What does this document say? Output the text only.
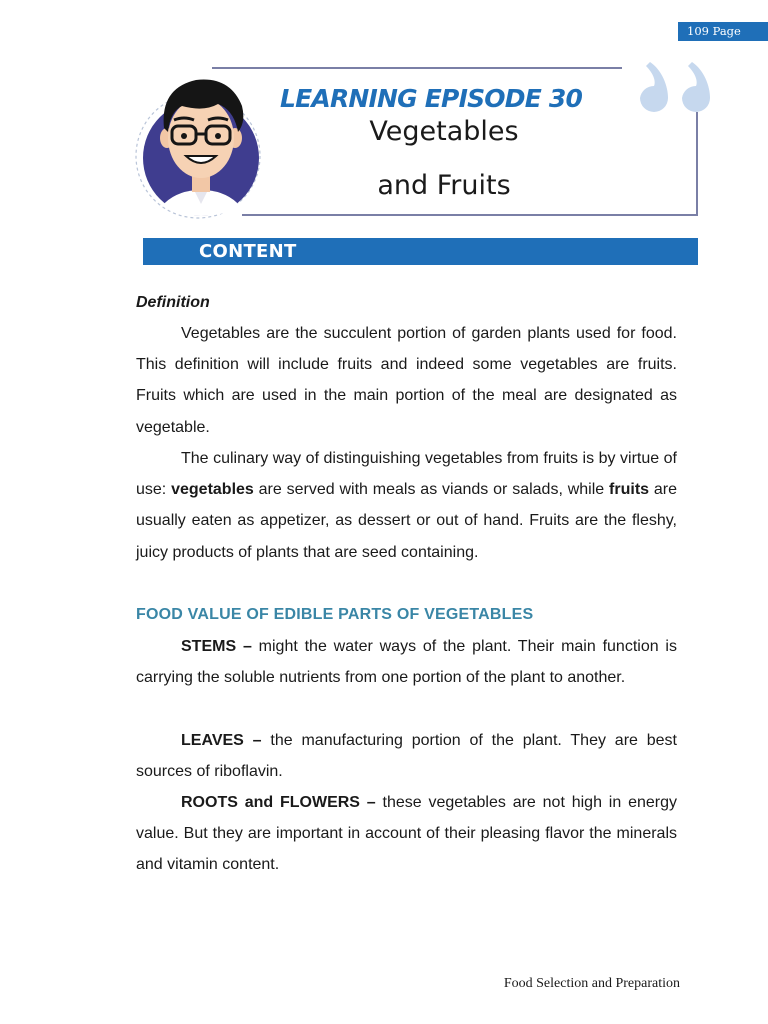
109 Page
LEARNING EPISODE 30
Vegetables
and Fruits
CONTENT
Definition

Vegetables are the succulent portion of garden plants used for food. This definition will include fruits and indeed some vegetables are fruits. Fruits which are used in the main portion of the meal are designated as vegetable.

The culinary way of distinguishing vegetables from fruits is by virtue of use: vegetables are served with meals as viands or salads, while fruits are usually eaten as appetizer, as dessert or out of hand. Fruits are the fleshy, juicy products of plants that are seed containing.

FOOD VALUE OF EDIBLE PARTS OF VEGETABLES

STEMS – might the water ways of the plant. Their main function is carrying the soluble nutrients from one portion of the plant to another.

LEAVES – the manufacturing portion of the plant. They are best sources of riboflavin.

ROOTS and FLOWERS – these vegetables are not high in energy value. But they are important in account of their pleasing flavor the minerals and vitamin content.

Food Selection and Preparation
